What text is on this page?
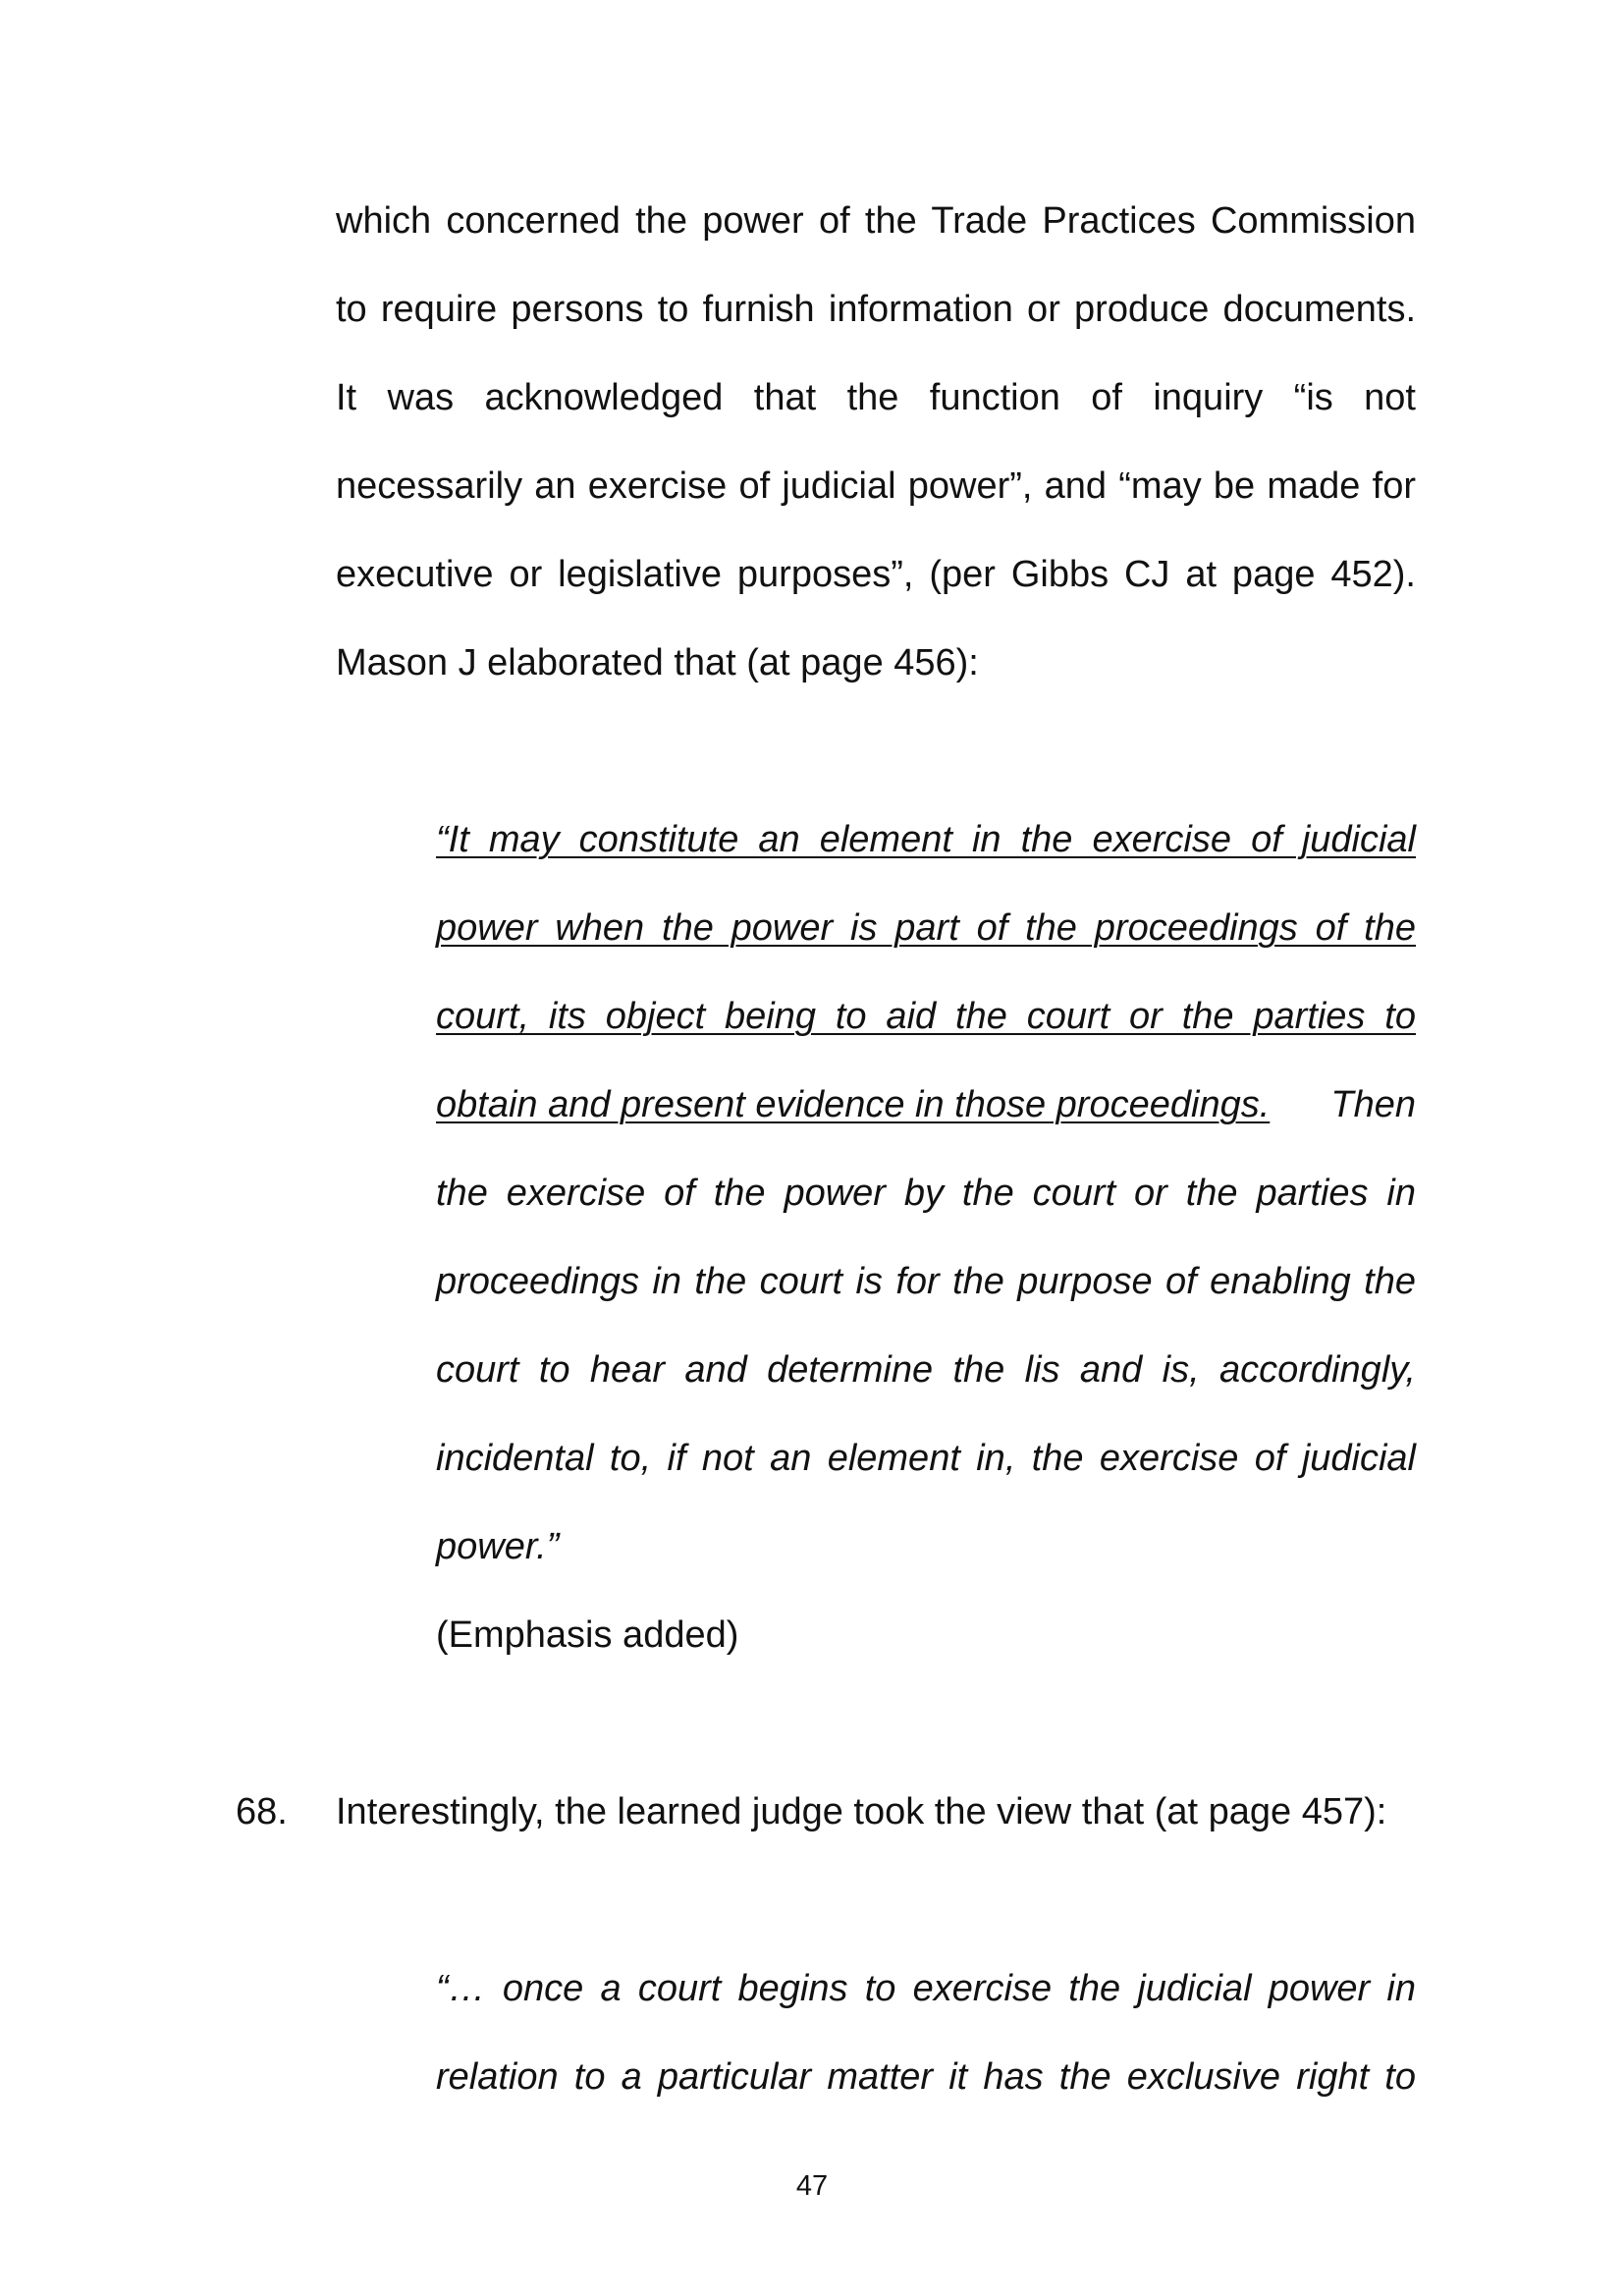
which concerned the power of the Trade Practices Commission
to require persons to furnish information or produce documents.
It was acknowledged that the function of inquiry “is not
necessarily an exercise of judicial power”, and “may be made for
executive or legislative purposes”, (per Gibbs CJ at page 452).
Mason J elaborated that (at page 456):
“It may constitute an element in the exercise of judicial
power when the power is part of the proceedings of the
court, its object being to aid the court or the parties to
obtain and present evidence in those proceedings. Then
the exercise of the power by the court or the parties in
proceedings in the court is for the purpose of enabling the
court to hear and determine the lis and is, accordingly,
incidental to, if not an element in, the exercise of judicial
power.”
(Emphasis added)
68. Interestingly, the learned judge took the view that (at page 457):
“… once a court begins to exercise the judicial power in
relation to a particular matter it has the exclusive right to
47
